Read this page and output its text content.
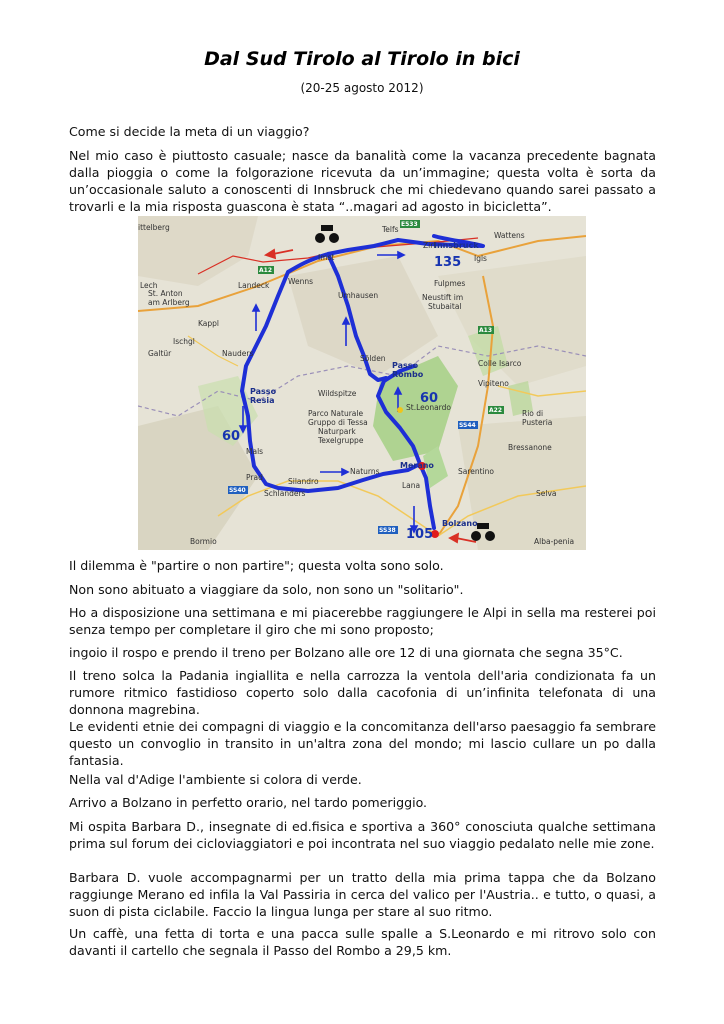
Dal Sud Tirolo al Tirolo in bici
(20-25 agosto 2012)

Come si decide la meta di un viaggio?

Nel mio caso è piuttosto casuale; nasce da banalità come la vacanza precedente bagnata dalla pioggia o come la folgorazione ricevuta da un’immagine; questa volta è sorta da un’occasionale saluto a conoscenti di Innsbruck che mi chiedevano quando sarei passato a trovarli e la mia risposta guascona è stata “..magari ad agosto in bicicletta”.

A12
A13
A22
SS38
SS40
SS44
E533
ittelberg
Lech
St. Anton
am Arlberg
Kappl
Galtür
Ischgl
Landeck Wenns
Imst
Umhausen
Telfs
Zirl
Innsbruck
Igls
Wattens
Fulpmes
Neustift im
Stubaital
Sölden
Wildspitze
Passo
Rombo
Colle Isarco
Vipiteno
St.Leonardo
Rio di
Pusteria
Bressanone
Parco Naturale
Gruppo di Tessa
Naturpark
Texelgruppe
Nauders
Passo
Resia
Mals
Prad	Silandro
Schlanders
Naturns
Merano
Lana
Sarentino
Bolzano
Selva
Alba-penia
Bormio
135
60
60
105

Il dilemma è "partire o non partire"; questa volta sono solo.

Non sono abituato a viaggiare da solo, non sono un "solitario".

Ho a disposizione una settimana e mi piacerebbe raggiungere le Alpi in sella ma resterei poi senza tempo per completare il giro che mi sono proposto;

ingoio il rospo e prendo il treno per Bolzano alle ore 12 di una giornata che segna 35°C.

Il treno solca la Padania ingiallita e nella carrozza la ventola dell'aria condizionata fa un rumore ritmico fastidioso coperto solo dalla cacofonia di un’infinita telefonata di una donnona magrebina.

Le evidenti etnie dei compagni di viaggio e la concomitanza dell'arso paesaggio fa sembrare questo un convoglio in transito in un'altra zona del mondo; mi lascio cullare un po dalla fantasia.

Nella val d'Adige l'ambiente si colora di verde.

Arrivo a Bolzano in perfetto orario, nel tardo pomeriggio.

Mi ospita Barbara D., insegnate di ed.fisica e sportiva a 360° conosciuta qualche settimana prima sul forum dei cicloviaggiatori e poi incontrata nel suo viaggio pedalato nelle mie zone.

Barbara D. vuole accompagnarmi per un tratto della mia prima tappa che da Bolzano raggiunge Merano ed infila la Val Passiria in cerca del valico per l'Austria.. e tutto, o quasi, a suon di pista ciclabile. Faccio la lingua lunga per stare al suo ritmo.

Un caffè, una fetta di torta e una pacca sulle spalle a S.Leonardo e mi ritrovo solo con davanti il cartello che segnala il Passo del Rombo a 29,5 km.
